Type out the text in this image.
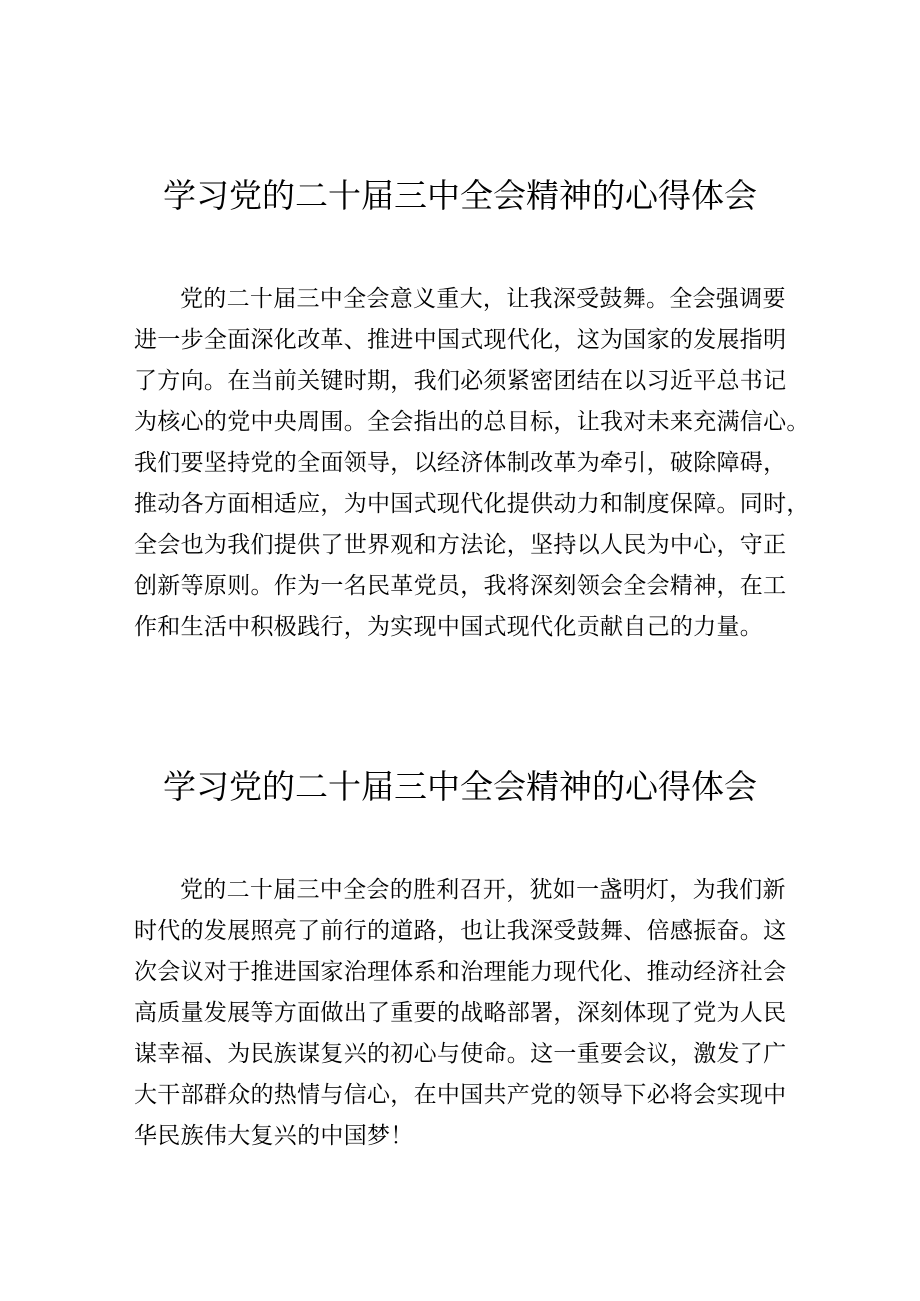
学习党的二十届三中全会精神的心得体会
党的二十届三中全会意义重大，让我深受鼓舞。全会强调要
进一步全面深化改革、推进中国式现代化，这为国家的发展指明
了方向。在当前关键时期，我们必须紧密团结在以习近平总书记
为核心的党中央周围。全会指出的总目标，让我对未来充满信心。
我们要坚持党的全面领导，以经济体制改革为牵引，破除障碍，
推动各方面相适应，为中国式现代化提供动力和制度保障。同时，
全会也为我们提供了世界观和方法论，坚持以人民为中心，守正
创新等原则。作为一名民革党员，我将深刻领会全会精神，在工
作和生活中积极践行，为实现中国式现代化贡献自己的力量。
学习党的二十届三中全会精神的心得体会
党的二十届三中全会的胜利召开，犹如一盏明灯，为我们新
时代的发展照亮了前行的道路，也让我深受鼓舞、倍感振奋。这
次会议对于推进国家治理体系和治理能力现代化、推动经济社会
高质量发展等方面做出了重要的战略部署，深刻体现了党为人民
谋幸福、为民族谋复兴的初心与使命。这一重要会议，激发了广
大干部群众的热情与信心，在中国共产党的领导下必将会实现中
华民族伟大复兴的中国梦！
